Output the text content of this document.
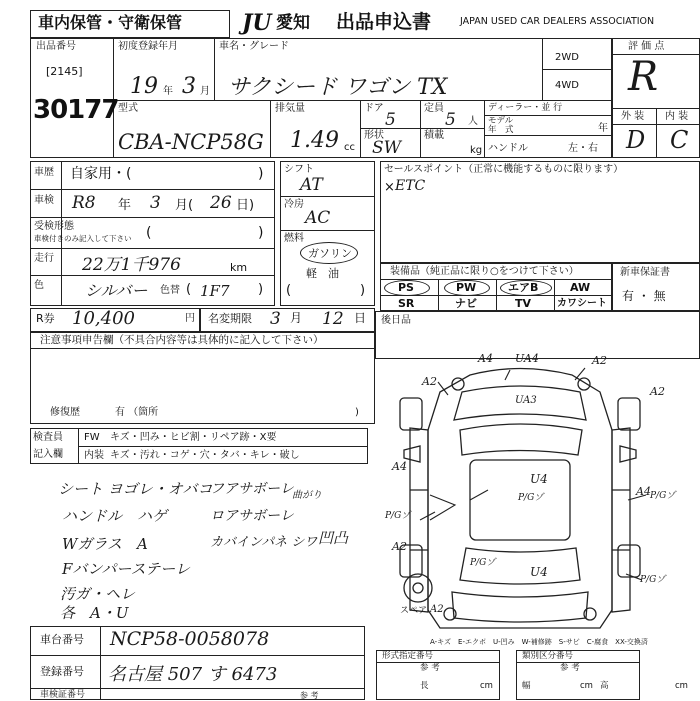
車内保管・守衛保管	JU 愛知 出品申込書	JAPAN USED CAR DEALERS ASSOCIATION
出品番号
[2145]
30177
初度登録年月
19 年 3 月
車名・グレード
サクシード ワゴン TX
2WD
4WD
評 価 点
R
外 装 内 装
D C
型式
CBA-NCP58G
排気量
1.49 cc
ドア
5
形状
SW
定員
5 人
積載
kg
ディーラー・並 行
モデル
年　式	年
ハンドル	左・右
車歴 自家用・(	)
車検 R8 年 3 月( 26 日)
受検形態
車検付きのみ記入して下さい (	)
走行 22万1千976	km
色	シルバー 色替 ( 1F7 )
シフト
AT
冷房
AC
燃料
ガソリン
軽　油
(	)
セールスポイント（正常に機能するものに限ります）
ETC
×
装備品（純正品に限り○をつけて下さい）
PS	PW	エアB	AW
SR	ナビ	TV	カワシート
新車保証書
有 ・ 無
R券 10,400	円 名変期限 3 月 12 日 後日品
注意事項申告欄（不具合内容等は具体的に記入して下さい）
修復歴	有 （箇所	)
検査員
記入欄
FW キズ・凹み・ヒビ割・リペア跡・X要
内装 キズ・汚れ・コゲ・穴・タバ・キレ・破し
シート ヨゴレ・オバコ
ハンドル　ハゲ
Wガラス　A
Fバンパーステーレ
汚ガ・ヘレ
各　A・U
フアサボーレ
ロアサボーレ
カバインパネ シワ
曲がり
凹凸
A4 UA4	A2
A2
A2
UA3
A4
U4
P/Gゾ	A4 P/Gゾ
P/Gゾ
A2
U4
P/Gゾ
P/Gゾ
スペア A2
A-キズ　E-エクボ　U-凹み　W-補修跡　S-サビ　C-腐食　XX-交換済
車台番号 NCP58-0058078
登録番号 名古屋 507 す 6473
車検証番号	参 考
形式指定番号
参 考
長	cm
類別区分番号
参 考
幅	cm 高	cm
